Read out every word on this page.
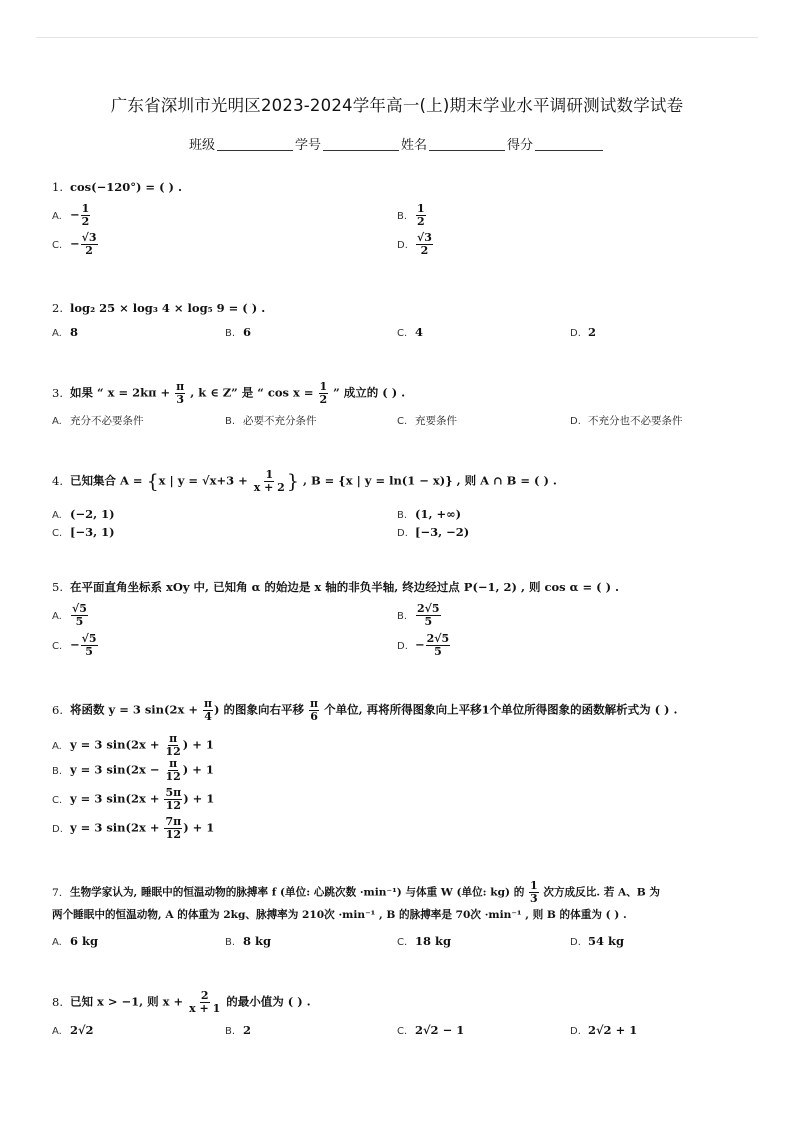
广东省深圳市光明区2023-2024学年高一(上)期末学业水平调研测试数学试卷
班级	学号	姓名	得分
1. cos(−120°) = ( ) .
A. − $\frac{1}{2}$	B. $\frac{1}{2}$
C. − $\frac{√3}{2}$	D. $\frac{√3}{2}$
2. log₂ 25 × log₃ 4 × log₅ 9 = ( ) .
A. 8	B. 6	C. 4	D. 2
3. 如果 “ $x = 2k\pi + \frac{\pi}{3}$ , k ∈ Z” 是 “ $\cos x = \frac{1}{2}$ ” 成立的 ( ) .
A. 充分不必要条件	B. 必要不充分条件	C. 充要条件	D. 不充分也不必要条件
4. 已知集合 A = {x | $y = √x+3 + \frac{1}{x + 2}$ } , B = {x | y = ln(1 − x)} , 则 A ∩ B = ( ) .
A. (−2, 1)	B. (1, +∞)
C. [−3, 1)	D. [−3, −2)
5. 在平面直角坐标系 xOy 中, 已知角 α 的始边是 x 轴的非负半轴, 终边经过点 P(−1, 2) , 则 cos α = ( ) .
A. $\frac{√5}{5}$	B. $\frac{2√5}{5}$
C. − $\frac{√5}{5}$	D. − $\frac{2√5}{5}$
6. 将函数 y = 3 $\sin(2x + \frac{\pi}{4}$ ) 的图象向右平移 $\frac{\pi}{6}$ 个单位, 再将所得图象向上平移1个单位所得图象的函数解析式为 ( ) .
A. y = 3 $\sin(2x + \frac{\pi}{12}$ ) + 1
B. y = 3 $\sin(2x - \frac{\pi}{12}$ ) + 1
C. y = 3 $\sin(2x + \frac{5\pi}{12}$ ) + 1
D. y = 3 $\sin(2x + \frac{7\pi}{12}$ ) + 1
7. 生物学家认为, 睡眠中的恒温动物的脉搏率 f (单位: 心跳次数 ·min⁻¹) 与体重 W (单位: kg) 的 $\frac{1}{3}$ 次方成反比. 若 A、B 为
两个睡眠中的恒温动物, A 的体重为 2kg、脉搏率为 210次 ·min⁻¹ , B 的脉搏率是 70次 ·min⁻¹ , 则 B 的体重为 ( ) .
A. 6 kg	B. 8 kg	C. 18 kg	D. 54 kg
8. 已知 x > −1, 则 $x + \frac{2}{x + 1}$ 的最小值为 ( ) .
A. 2√2	B. 2	C. 2√2 − 1	D. 2√2 + 1
